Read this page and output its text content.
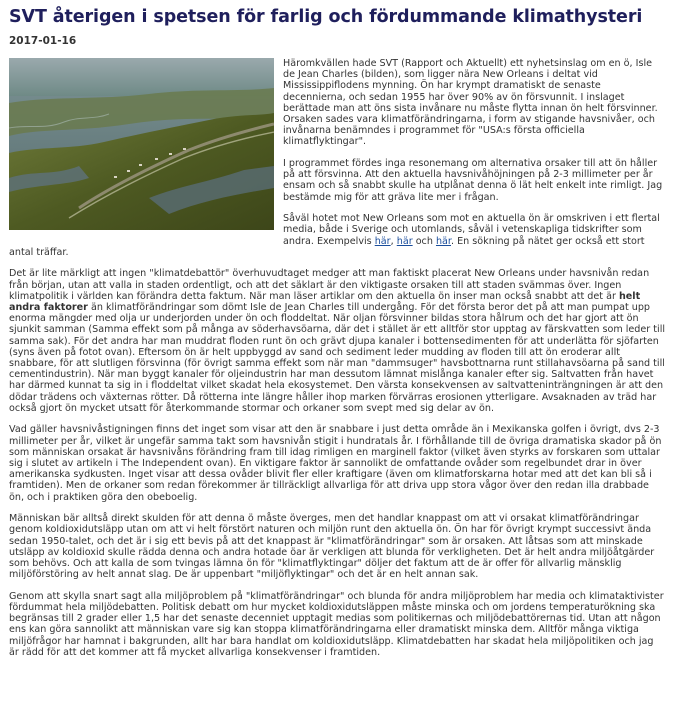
SVT återigen i spetsen för farlig och fördummande klimathysteri
2017-01-16

Häromkvällen hade SVT (Rapport och Aktuellt) ett nyhetsinslag om en ö, Isle de Jean Charles (bilden), som ligger nära New Orleans i deltat vid Mississippiflodens mynning. Ön har krympt dramatiskt de senaste decennierna, och sedan 1955 har över 90% av ön försvunnit. I inslaget berättade man att öns sista invånare nu måste flytta innan ön helt försvinner. Orsaken sades vara klimatförändringarna, i form av stigande havsnivåer, och invånarna benämndes i programmet för "USA:s första officiella klimatflyktingar".

I programmet fördes inga resonemang om alternativa orsaker till att ön håller på att försvinna. Att den aktuella havsnivåhöjningen på 2-3 millimeter per år ensam och så snabbt skulle ha utplånat denna ö lät helt enkelt inte rimligt. Jag bestämde mig för att gräva lite mer i frågan.

Såväl hotet mot New Orleans som mot en aktuella ön är omskriven i ett flertal media, både i Sverige och utomlands, såväl i vetenskapliga tidskrifter som andra. Exempelvis här, här och här. En sökning på nätet ger också ett stort antal träffar.

Det är lite märkligt att ingen "klimatdebattör" överhuvudtaget medger att man faktiskt placerat New Orleans under havsnivån redan från början, utan att valla in staden ordentligt, och att det säklart är den viktigaste orsaken till att staden svämmas över. Ingen klimatpolitik i världen kan förändra detta faktum. När man läser artiklar om den aktuella ön inser man också snabbt att det är helt andra faktorer än klimatförändringar som dömt Isle de Jean Charles till undergång. För det första beror det på att man pumpat upp enorma mängder med olja ur underjorden under ön och floddeltat. När oljan försvinner bildas stora hålrum och det har gjort att ön sjunkit samman (Samma effekt som på många av söderhavsöarna, där det i stället är ett alltför stor upptag av färskvatten som leder till samma sak). För det andra har man muddrat floden runt ön och grävt djupa kanaler i bottensedimenten för att underlätta för sjöfarten (syns även på fotot ovan). Eftersom ön är helt uppbyggd av sand och sediment leder mudding av floden till att ön eroderar allt snabbare, för att slutligen försvinna (för övrigt samma effekt som när man "dammsuger" havsbottnarna runt stillahavsöarna på sand till cementindustrin). När man byggt kanaler för oljeindustrin har man dessutom lämnat mislånga kanaler efter sig. Saltvatten från havet har därmed kunnat ta sig in i floddeltat vilket skadat hela ekosystemet. Den värsta konsekvensen av saltvatteninträngningen är att den dödar trädens och växternas rötter. Då rötterna inte längre håller ihop marken förvärras erosionen ytterligare. Avsaknaden av träd har också gjort ön mycket utsatt för återkommande stormar och orkaner som svept med sig delar av ön.

Vad gäller havsnivåstigningen finns det inget som visar att den är snabbare i just detta område än i Mexikanska golfen i övrigt, dvs 2-3 millimeter per år, vilket är ungefär samma takt som havsnivån stigit i hundratals år. I förhållande till de övriga dramatiska skador på ön som människan orsakat är havsnivåns förändring fram till idag rimligen en marginell faktor (vilket även styrks av forskaren som uttalar sig i slutet av artikeln i The Independent ovan). En viktigare faktor är sannolikt de omfattande ovåder som regelbundet drar in över amerikanska sydkusten. Inget visar att dessa ovåder blivit fler eller kraftigare (även om klimatforskarna hotar med att det kan bli så i framtiden). Men de orkaner som redan förekommer är tillräckligt allvarliga för att driva upp stora vågor över den redan illa drabbade ön, och i praktiken göra den obeboelig.

Människan bär alltså direkt skulden för att denna ö måste överges, men det handlar knappast om att vi orsakat klimatförändringar genom koldioxidutsläpp utan om att vi helt förstört naturen och miljön runt den aktuella ön. Ön har för övrigt krympt successivt ända sedan 1950-talet, och det är i sig ett bevis på att det knappast är "klimatförändringar" som är orsaken. Att låtsas som att minskade utsläpp av koldioxid skulle rädda denna och andra hotade öar är verkligen att blunda för verkligheten. Det är helt andra miljöåtgärder som behövs. Och att kalla de som tvingas lämna ön för "klimatflyktingar" döljer det faktum att de är offer för allvarlig mänsklig miljöförstöring av helt annat slag. De är uppenbart "miljöflyktingar" och det är en helt annan sak.

Genom att skylla snart sagt alla miljöproblem på "klimatförändringar" och blunda för andra miljöproblem har media och klimataktivister fördummat hela miljödebatten. Politisk debatt om hur mycket koldioxidutsläppen måste minska och om jordens temperaturökning ska begränsas till 2 grader eller 1,5 har det senaste decenniet upptagit medias som politikernas och miljödebattörernas tid. Utan att någon ens kan göra sannolikt att människan vare sig kan stoppa klimatförändringarna eller dramatiskt minska dem. Alltför många viktiga miljöfrågor har hamnat i bakgrunden, allt har bara handlat om koldioxidutsläpp. Klimatdebatten har skadat hela miljöpolitiken och jag är rädd för att det kommer att få mycket allvarliga konsekvenser i framtiden.
